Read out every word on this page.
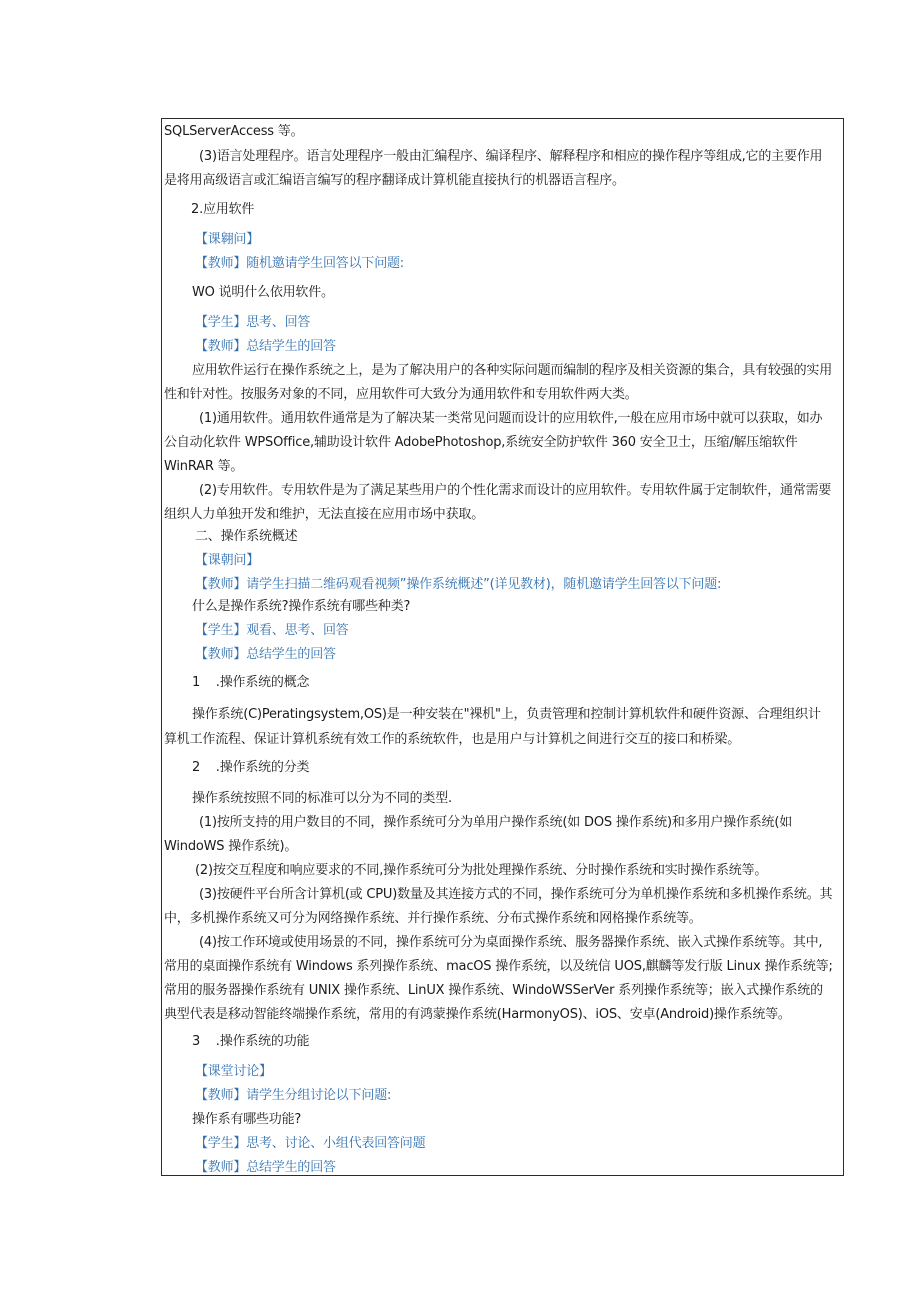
SQLServerAccess 等。
(3)语言处理程序。语言处理程序一般由汇编程序、编译程序、解释程序和相应的操作程序等组成,它的主要作用
是将用高级语言或汇编语言编写的程序翻译成计算机能直接执行的机器语言程序。
2.应用软件
【课翱问】
【教师】随机邀请学生回答以下问题:
WO 说明什么依用软件。
【学生】思考、回答
【教师】总结学生的回答
应用软件运行在操作系统之上，是为了解决用户的各种实际问题而编制的程序及相关资源的集合，具有较强的实用
性和针对性。按服务对象的不同，应用软件可大致分为通用软件和专用软件两大类。
(1)通用软件。通用软件通常是为了解决某一类常见问题而设计的应用软件,一般在应用市场中就可以获取，如办
公自动化软件 WPSOffice,辅助设计软件 AdobePhotoshop,系统安全防护软件 360 安全卫士，压缩/解压缩软件
WinRAR 等。
(2)专用软件。专用软件是为了满足某些用户的个性化需求而设计的应用软件。专用软件属于定制软件，通常需要
组织人力单独开发和维护，无法直接在应用市场中获取。
二、操作系统概述
【课朝问】
【教师】请学生扫描二维码观看视频”操作系统概述”(详见教材)，随机邀请学生回答以下问题:
什么是操作系统?操作系统有哪些种类?
【学生】观看、思考、回答
【教师】总结学生的回答
1    .操作系统的概念
操作系统(C)Peratingsystem,OS)是一种安装在"裸机"上，负责管理和控制计算机软件和硬件资源、合理组织计
算机工作流程、保证计算机系统有效工作的系统软件，也是用户与计算机之间进行交互的接口和桥梁。
2    .操作系统的分类
操作系统按照不同的标准可以分为不同的类型.
(1)按所支持的用户数目的不同，操作系统可分为单用户操作系统(如 DOS 操作系统)和多用户操作系统(如
WindoWS 操作系统)。
(2)按交互程度和响应要求的不同,操作系统可分为批处理操作系统、分时操作系统和实时操作系统等。
(3)按硬件平台所含计算机(或 CPU)数量及其连接方式的不同，操作系统可分为单机操作系统和多机操作系统。其
中，多机操作系统又可分为网络操作系统、并行操作系统、分布式操作系统和网格操作系统等。
(4)按工作环境或使用场景的不同，操作系统可分为桌面操作系统、服务器操作系统、嵌入式操作系统等。其中,
常用的桌面操作系统有 Windows 系列操作系统、macOS 操作系统，以及统信 UOS,麒麟等发行版 Linux 操作系统等;
常用的服务器操作系统有 UNIX 操作系统、LinUX 操作系统、WindoWSSerVer 系列操作系统等；嵌入式操作系统的
典型代表是移动智能终端操作系统，常用的有鸿蒙操作系统(HarmonyOS)、iOS、安卓(Android)操作系统等。
3    .操作系统的功能
【课堂讨论】
【教师】请学生分组讨论以下问题:
操作系有哪些功能?
【学生】思考、讨论、小组代表回答问题
【教师】总结学生的回答
